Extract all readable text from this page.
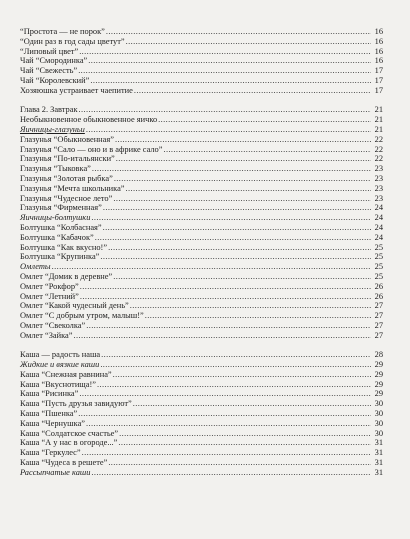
“Простота — не порок” .....	16
“Один раз в год сады цветут” .....	16
“Липовый цвет” .....	16
Чай “Смородинка” .....	16
Чай “Свежесть” .....	17
Чай “Королевский” .....	17
Хозяюшка устраивает чаепитие .....	17
Глава 2. Завтрак .....	21
Необыкновенное обыкновенное яичко .....	21
Яичницы-глазуньи .....	21
Глазунья “Обыкновенная” .....	22
Глазунья “Сало — оно и в африке сало” .....	22
Глазунья “По-итальянски” .....	22
Глазунья “Тыковка” .....	23
Глазунья “Золотая рыбка” .....	23
Глазунья “Мечта школьника” .....	23
Глазунья “Чудесное лето” .....	23
Глазунья “Фирменная” .....	24
Яичницы-болтушки .....	24
Болтушка “Колбасная” .....	24
Болтушка “Кабачок” .....	24
Болтушка “Как вкусно!” .....	25
Болтушка “Крупинка” .....	25
Омлеты .....	25
Омлет “Домик в деревне” .....	25
Омлет “Рокфор” .....	26
Омлет “Летний” .....	26
Омлет “Какой чудесный день” .....	27
Омлет “С добрым утром, малыш!” .....	27
Омлет “Свеколка” .....	27
Омлет “Зайка” .....	27
Каша — радость наша .....	28
Жидкие и вязкие каши .....	29
Каша “Снежная равнина” .....	29
Каша “Вкуснотища!” .....	29
Каша “Рисинка” .....	29
Каша “Пусть друзья завидуют” .....	30
Каша “Пшенка” .....	30
Каша “Чернушка” .....	30
Каша “Солдатское счастье” .....	30
Каша “А у нас в огороде...” .....	31
Каша “Геркулес” .....	31
Каша “Чудеса в решете” .....	31
Рассыпчатые каши .....	31
